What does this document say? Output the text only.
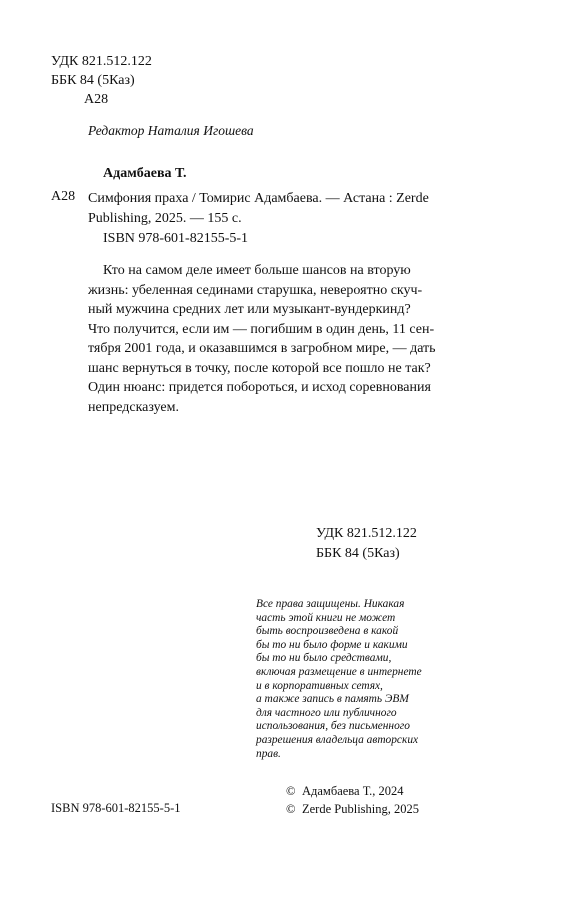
УДК 821.512.122
ББК 84 (5Каз)
А28
Редактор Наталия Игошева
Адамбаева Т.
А28 Симфония праха / Томирис Адамбаева. — Астана : Zerde
Publishing, 2025. — 155 с.
ISBN 978-601-82155-5-1
Кто на самом деле имеет больше шансов на вторую
жизнь: убеленная сединами старушка, невероятно скуч-
ный мужчина средних лет или музыкант-вундеркинд?
Что получится, если им — погибшим в один день, 11 сен-
тября 2001 года, и оказавшимся в загробном мире, — дать
шанс вернуться в точку, после которой все пошло не так?
Один нюанс: придется побороться, и исход соревнования
непредсказуем.
УДК 821.512.122
ББК 84 (5Каз)
Все права защищены. Никакая
часть этой книги не может
быть воспроизведена в какой
бы то ни было форме и какими
бы то ни было средствами,
включая размещение в интернете
и в корпоративных сетях,
а также запись в память ЭВМ
для частного или публичного
использования, без письменного
разрешения владельца авторских
прав.
© Адамбаева Т., 2024
© Zerde Publishing, 2025
ISBN 978-601-82155-5-1
